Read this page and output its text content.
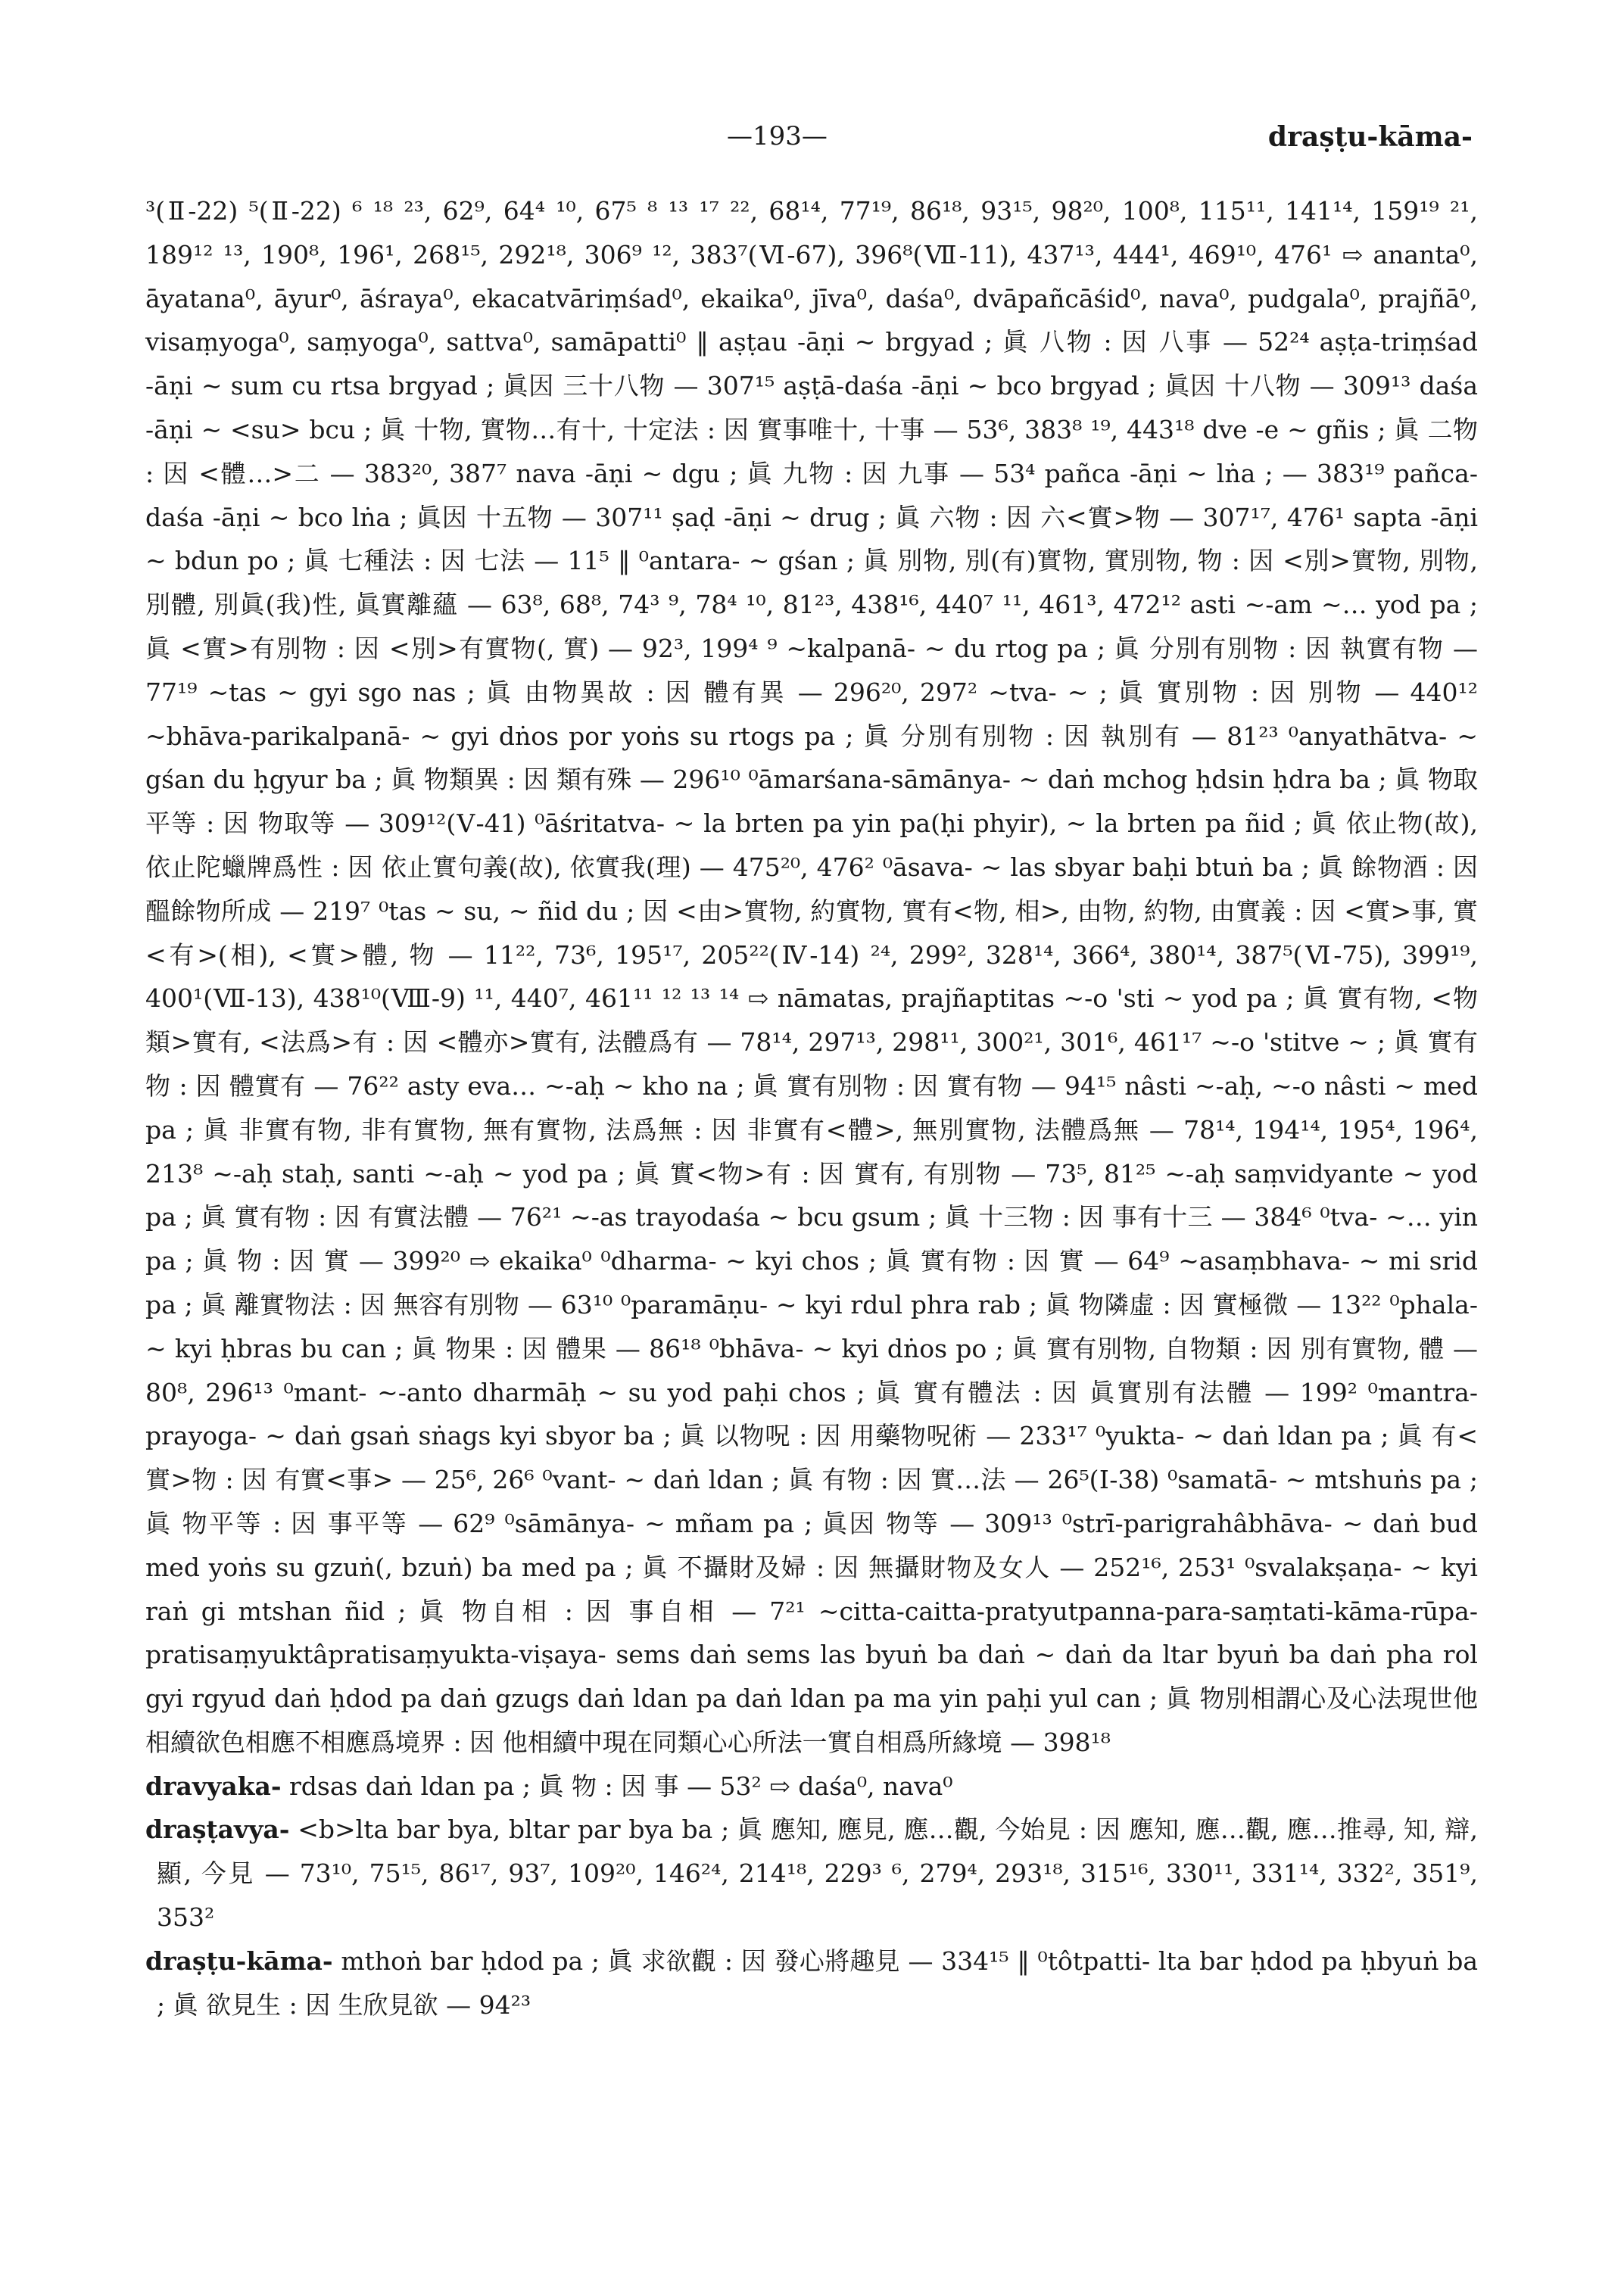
—193—	draṣṭu-kāma-

³(Ⅱ-22) ⁵(Ⅱ-22) ⁶ ¹⁸ ²³, 62⁹, 64⁴ ¹⁰, 67⁵ ⁸ ¹³ ¹⁷ ²², 68¹⁴, 77¹⁹, 86¹⁸, 93¹⁵, 98²⁰, 100⁸, 115¹¹, 141¹⁴, 159¹⁹ ²¹, 189¹² ¹³, 190⁸, 196¹, 268¹⁵, 292¹⁸, 306⁹ ¹², 383⁷(Ⅵ-67), 396⁸(Ⅶ-11), 437¹³, 444¹, 469¹⁰, 476¹ ⇨ ananta⁰, āyatana⁰, āyur⁰, āśraya⁰, ekacatvāriṃśad⁰, ekaika⁰, jīva⁰, daśa⁰, dvāpañcāśid⁰, nava⁰, pudgala⁰, prajñā⁰, visaṃyoga⁰, saṃyoga⁰, sattva⁰, samāpatti⁰ ‖ aṣṭau -āṇi ~ brgyad ; 眞 八物 : 因 八事 — 52²⁴ aṣṭa-triṃśad -āṇi ~ sum cu rtsa brgyad ; 眞因 三十八物 — 307¹⁵ aṣṭā-daśa -āṇi ~ bco brgyad ; 眞因 十八物 — 309¹³ daśa -āṇi ~ <su> bcu ; 眞 十物, 實物…有十, 十定法 : 因 實事唯十, 十事 — 53⁶, 383⁸ ¹⁹, 443¹⁸ dve -e ~ gñis ; 眞 二物 : 因 <體…>二 — 383²⁰, 387⁷ nava -āṇi ~ dgu ; 眞 九物 : 因 九事 — 53⁴ pañca -āṇi ~ lṅa ; — 383¹⁹ pañca-daśa -āṇi ~ bco lṅa ; 眞因 十五物 — 307¹¹ ṣaḍ -āṇi ~ drug ; 眞 六物 : 因 六<實>物 — 307¹⁷, 476¹ sapta -āṇi ~ bdun po ; 眞 七種法 : 因 七法 — 11⁵ ‖ ⁰antara- ~ gśan ; 眞 別物, 別(有)實物, 實別物, 物 : 因 <別>實物, 別物, 別體, 別眞(我)性, 眞實離蘊 — 63⁸, 68⁸, 74³ ⁹, 78⁴ ¹⁰, 81²³, 438¹⁶, 440⁷ ¹¹, 461³, 472¹² asti ~-am ~… yod pa ; 眞 <實>有別物 : 因 <別>有實物(, 實) — 92³, 199⁴ ⁹ ~kalpanā- ~ du rtog pa ; 眞 分別有別物 : 因 執實有物 — 77¹⁹ ~tas ~ gyi sgo nas ; 眞 由物異故 : 因 體有異 — 296²⁰, 297² ~tva- ~ ; 眞 實別物 : 因 別物 — 440¹² ~bhāva-parikalpanā- ~ gyi dṅos por yoṅs su rtogs pa ; 眞 分別有別物 : 因 執別有 — 81²³ ⁰anyathātva- ~ gśan du ḥgyur ba ; 眞 物類異 : 因 類有殊 — 296¹⁰ ⁰āmarśana-sāmānya- ~ daṅ mchog ḥdsin ḥdra ba ; 眞 物取平等 : 因 物取等 — 309¹²(Ⅴ-41) ⁰āśritatva- ~ la brten pa yin pa(ḥi phyir), ~ la brten pa ñid ; 眞 依止物(故), 依止陀蠟牌爲性 : 因 依止實句義(故), 依實我(理) — 475²⁰, 476² ⁰āsava- ~ las sbyar baḥi btuṅ ba ; 眞 餘物酒 : 因 醞餘物所成 — 219⁷ ⁰tas ~ su, ~ ñid du ; 因 <由>實物, 約實物, 實有<物, 相>, 由物, 約物, 由實義 : 因 <實>事, 實<有>(相), <實>體, 物 — 11²², 73⁶, 195¹⁷, 205²²(Ⅳ-14) ²⁴, 299², 328¹⁴, 366⁴, 380¹⁴, 387⁵(Ⅵ-75), 399¹⁹, 400¹(Ⅶ-13), 438¹⁰(Ⅷ-9) ¹¹, 440⁷, 461¹¹ ¹² ¹³ ¹⁴ ⇨ nāmatas, prajñaptitas ~-o 'sti ~ yod pa ; 眞 實有物, <物類>實有, <法爲>有 : 因 <體亦>實有, 法體爲有 — 78¹⁴, 297¹³, 298¹¹, 300²¹, 301⁶, 461¹⁷ ~-o 'stitve ~ ; 眞 實有物 : 因 體實有 — 76²² asty eva… ~-aḥ ~ kho na ; 眞 實有別物 : 因 實有物 — 94¹⁵ nâsti ~-aḥ, ~-o nâsti ~ med pa ; 眞 非實有物, 非有實物, 無有實物, 法爲無 : 因 非實有<體>, 無別實物, 法體爲無 — 78¹⁴, 194¹⁴, 195⁴, 196⁴, 213⁸ ~-aḥ staḥ, santi ~-aḥ ~ yod pa ; 眞 實<物>有 : 因 實有, 有別物 — 73⁵, 81²⁵ ~-aḥ saṃvidyante ~ yod pa ; 眞 實有物 : 因 有實法體 — 76²¹ ~-as trayodaśa ~ bcu gsum ; 眞 十三物 : 因 事有十三 — 384⁶ ⁰tva- ~… yin pa ; 眞 物 : 因 實 — 399²⁰ ⇨ ekaika⁰ ⁰dharma- ~ kyi chos ; 眞 實有物 : 因 實 — 64⁹ ~asaṃbhava- ~ mi srid pa ; 眞 離實物法 : 因 無容有別物 — 63¹⁰ ⁰paramāṇu- ~ kyi rdul phra rab ; 眞 物隣虛 : 因 實極微 — 13²² ⁰phala- ~ kyi ḥbras bu can ; 眞 物果 : 因 體果 — 86¹⁸ ⁰bhāva- ~ kyi dṅos po ; 眞 實有別物, 自物類 : 因 別有實物, 體 — 80⁸, 296¹³ ⁰mant- ~-anto dharmāḥ ~ su yod paḥi chos ; 眞 實有體法 : 因 眞實別有法體 — 199² ⁰mantra-prayoga- ~ daṅ gsaṅ sṅags kyi sbyor ba ; 眞 以物呪 : 因 用藥物呪術 — 233¹⁷ ⁰yukta- ~ daṅ ldan pa ; 眞 有<實>物 : 因 有實<事> — 25⁶, 26⁶ ⁰vant- ~ daṅ ldan ; 眞 有物 : 因 實…法 — 26⁵(Ⅰ-38) ⁰samatā- ~ mtshuṅs pa ; 眞 物平等 : 因 事平等 — 62⁹ ⁰sāmānya- ~ mñam pa ; 眞因 物等 — 309¹³ ⁰strī-parigrahâbhāva- ~ daṅ bud med yoṅs su gzuṅ(, bzuṅ) ba med pa ; 眞 不攝財及婦 : 因 無攝財物及女人 — 252¹⁶, 253¹ ⁰svalakṣaṇa- ~ kyi raṅ gi mtshan ñid ; 眞 物自相 : 因 事自相 — 7²¹ ~citta-caitta-pratyutpanna-para-saṃtati-kāma-rūpa-pratisaṃyuktâpratisaṃyukta-viṣaya- sems daṅ sems las byuṅ ba daṅ ~ daṅ da ltar byuṅ ba daṅ pha rol gyi rgyud daṅ ḥdod pa daṅ gzugs daṅ ldan pa daṅ ldan pa ma yin paḥi yul can ; 眞 物別相謂心及心法現世他相續欲色相應不相應爲境界 : 因 他相續中現在同類心心所法一實自相爲所緣境 — 398¹⁸

dravyaka- rdsas daṅ ldan pa ; 眞 物 : 因 事 — 53² ⇨ daśa⁰, nava⁰

draṣṭavya- <b>lta bar bya, bltar par bya ba ; 眞 應知, 應見, 應…觀, 今始見 : 因 應知, 應…觀, 應…推尋, 知, 辯, 顯, 今見 — 73¹⁰, 75¹⁵, 86¹⁷, 93⁷, 109²⁰, 146²⁴, 214¹⁸, 229³ ⁶, 279⁴, 293¹⁸, 315¹⁶, 330¹¹, 331¹⁴, 332², 351⁹, 353²

draṣṭu-kāma- mthoṅ bar ḥdod pa ; 眞 求欲觀 : 因 發心將趣見 — 334¹⁵ ‖ ⁰tôtpatti- lta bar ḥdod pa ḥbyuṅ ba ; 眞 欲見生 : 因 生欣見欲 — 94²³
